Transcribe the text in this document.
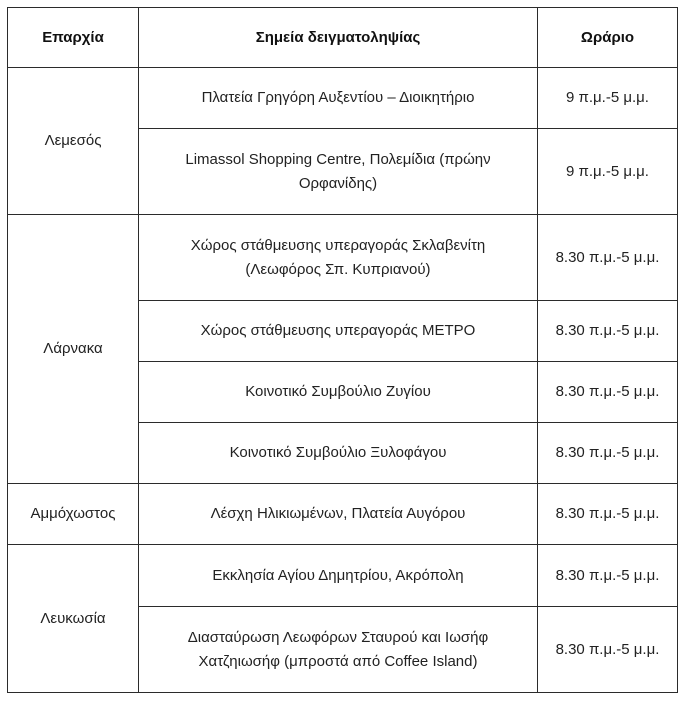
Επαρχία	Σημεία δειγματοληψίας	Ωράριο
Λεμεσός	Πλατεία Γρηγόρη Αυξεντίου – Διοικητήριο	9 π.μ.-5 μ.μ.
	Limassol Shopping Centre, Πολεμίδια (πρώην Ορφανίδης)	9 π.μ.-5 μ.μ.
Λάρνακα	Χώρος στάθμευσης υπεραγοράς Σκλαβενίτη (Λεωφόρος Σπ. Κυπριανού)	8.30 π.μ.-5 μ.μ.
	Χώρος στάθμευσης υπεραγοράς ΜΕΤΡΟ	8.30 π.μ.-5 μ.μ.
	Κοινοτικό Συμβούλιο Ζυγίου	8.30 π.μ.-5 μ.μ.
	Κοινοτικό Συμβούλιο Ξυλοφάγου	8.30 π.μ.-5 μ.μ.
Αμμόχωστος	Λέσχη Ηλικιωμένων, Πλατεία Αυγόρου	8.30 π.μ.-5 μ.μ.
Λευκωσία	Εκκλησία Αγίου Δημητρίου, Ακρόπολη	8.30 π.μ.-5 μ.μ.
	Διασταύρωση Λεωφόρων Σταυρού και Ιωσήφ Χατζηιωσήφ (μπροστά από Coffee Island)	8.30 π.μ.-5 μ.μ.
